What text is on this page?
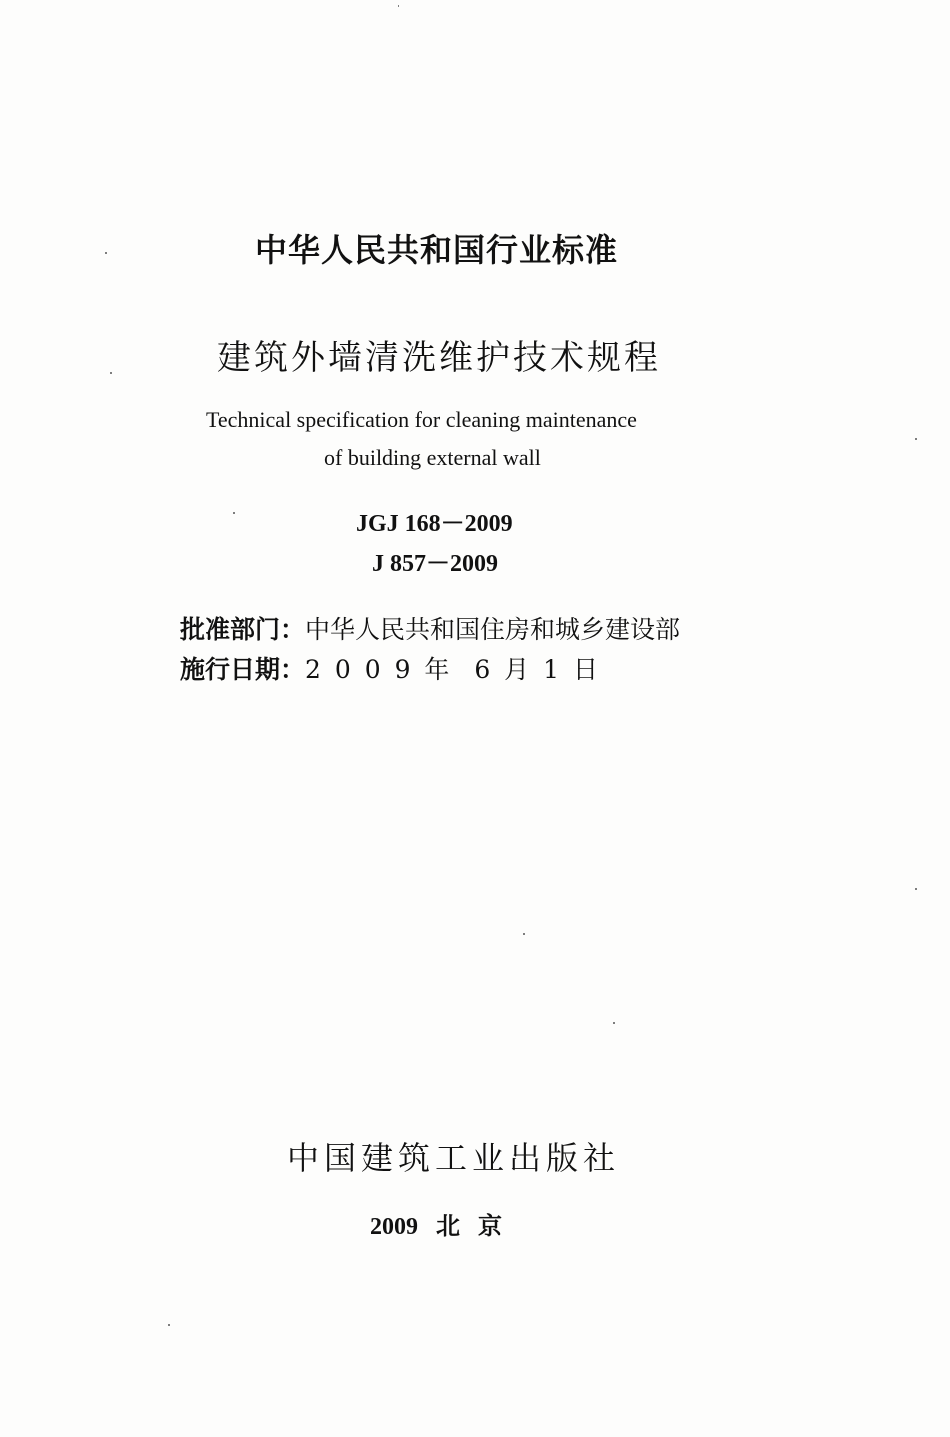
中华人民共和国行业标准
建筑外墙清洗维护技术规程
Technical specification for cleaning maintenance
of building external wall
JGJ 168－2009
J 857－2009
批准部门：中华人民共和国住房和城乡建设部
施行日期：2 0 0 9 年  6 月 1 日
中国建筑工业出版社
2009 北京
